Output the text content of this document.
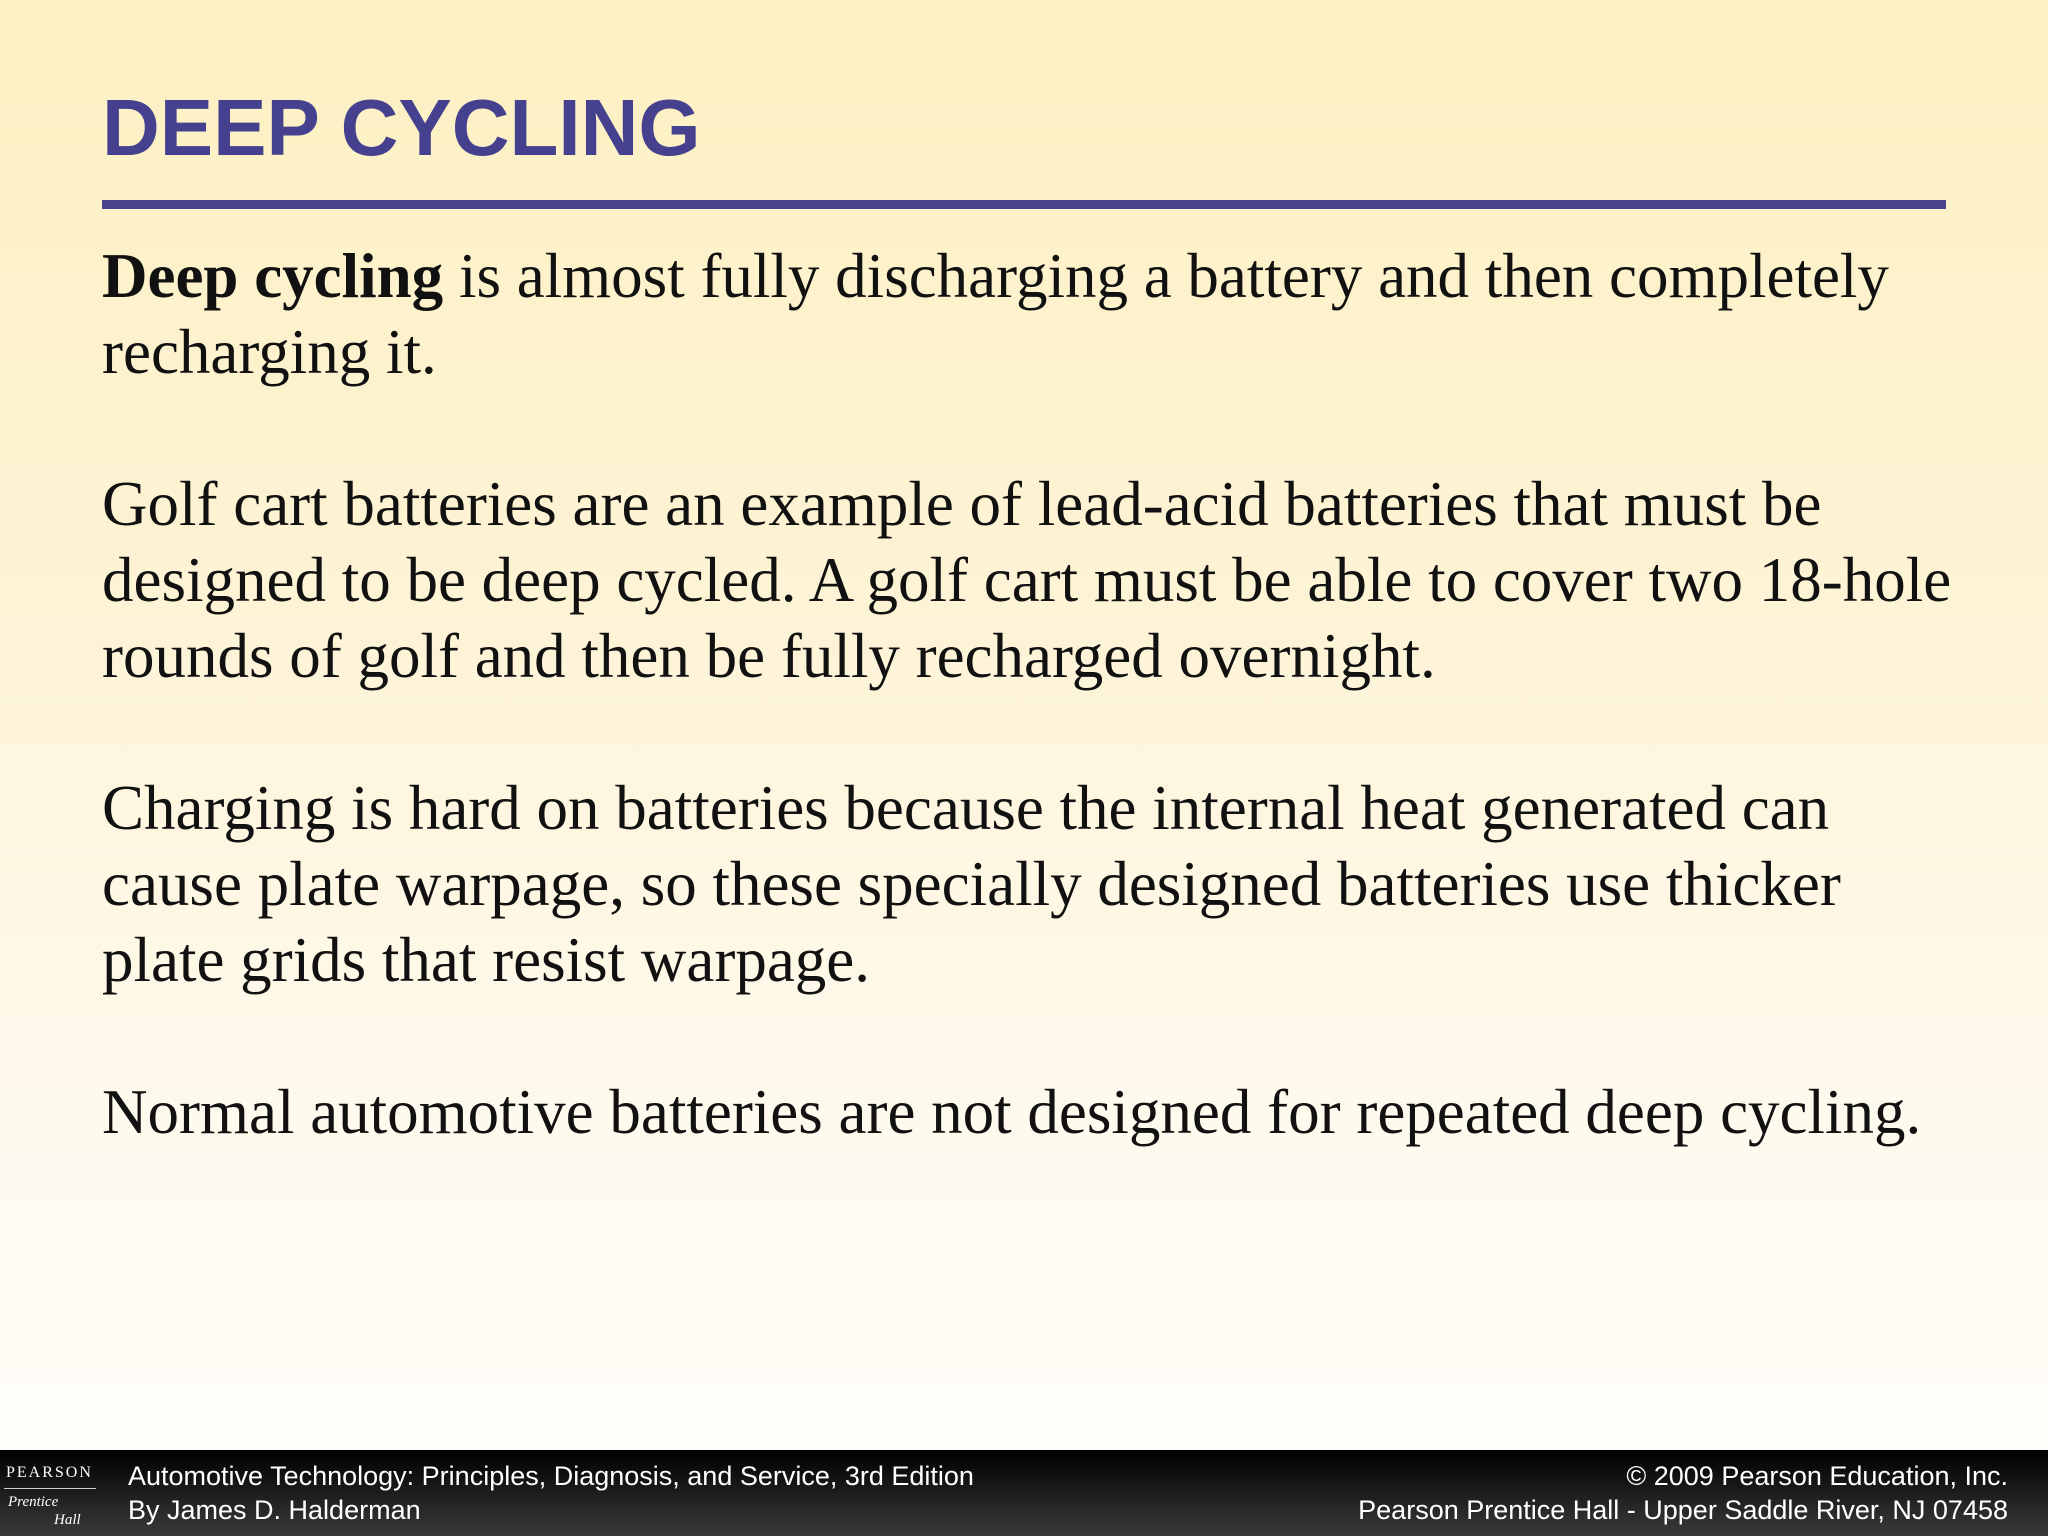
DEEP CYCLING

Deep cycling is almost fully discharging a battery and then completely recharging it.

Golf cart batteries are an example of lead-acid batteries that must be designed to be deep cycled. A golf cart must be able to cover two 18-hole rounds of golf and then be fully recharged overnight.

Charging is hard on batteries because the internal heat generated can cause plate warpage, so these specially designed batteries use thicker plate grids that resist warpage.

Normal automotive batteries are not designed for repeated deep cycling.

PEARSON
Prentice
Hall
Automotive Technology: Principles, Diagnosis, and Service, 3rd Edition
By James D. Halderman
© 2009 Pearson Education, Inc.
Pearson Prentice Hall - Upper Saddle River, NJ 07458
